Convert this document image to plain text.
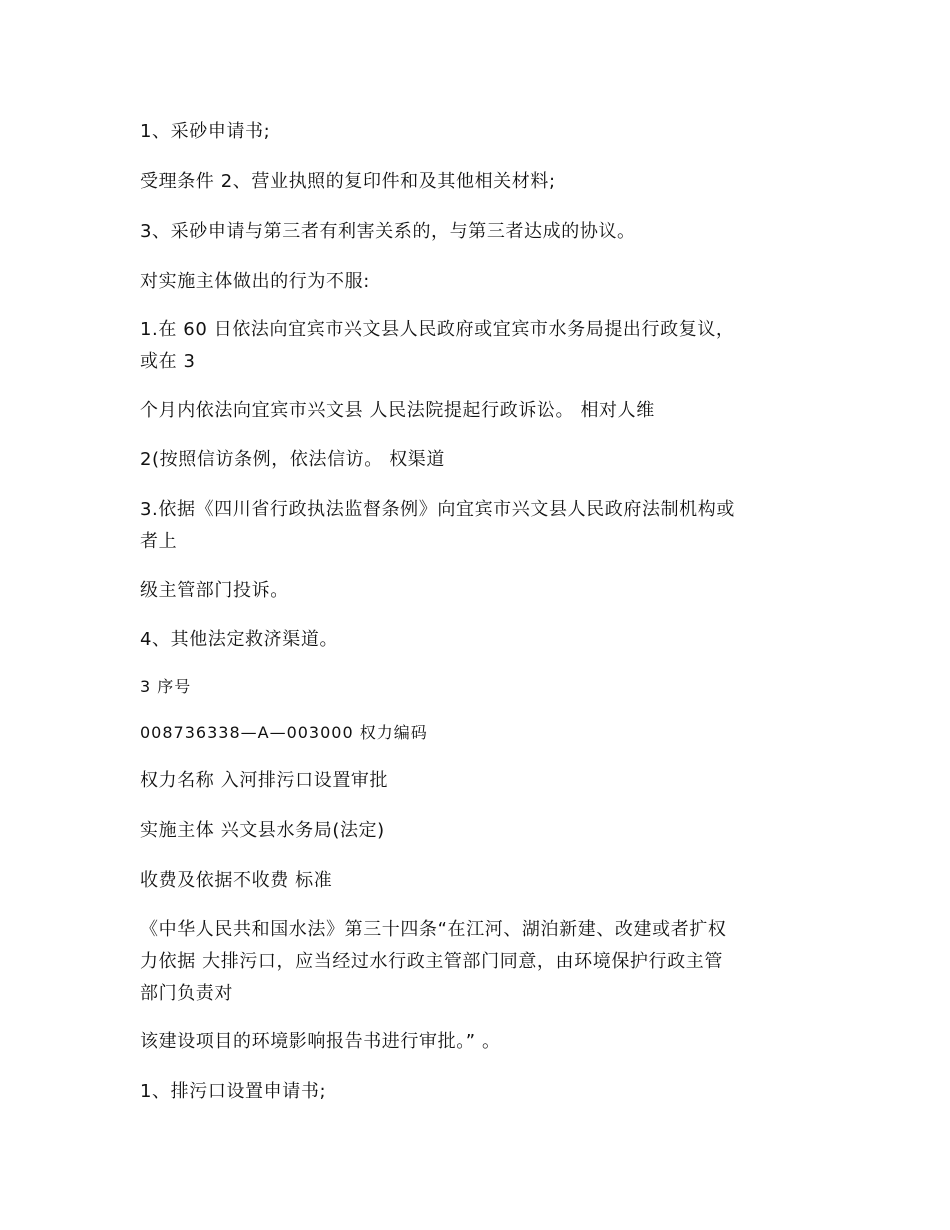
1、采砂申请书;

受理条件 2、营业执照的复印件和及其他相关材料;

3、采砂申请与第三者有利害关系的，与第三者达成的协议。

对实施主体做出的行为不服:

1.在 60 日依法向宜宾市兴文县人民政府或宜宾市水务局提出行政复议，
或在 3

个月内依法向宜宾市兴文县 人民法院提起行政诉讼。 相对人维

2(按照信访条例，依法信访。 权渠道

3.依据《四川省行政执法监督条例》向宜宾市兴文县人民政府法制机构或
者上

级主管部门投诉。

4、其他法定救济渠道。

3 序号

008736338—A—003000 权力编码

权力名称 入河排污口设置审批

实施主体 兴文县水务局(法定)

收费及依据不收费 标准

《中华人民共和国水法》第三十四条“在江河、湖泊新建、改建或者扩权
力依据 大排污口，应当经过水行政主管部门同意，由环境保护行政主管
部门负责对

该建设项目的环境影响报告书进行审批。” 。

1、排污口设置申请书;
